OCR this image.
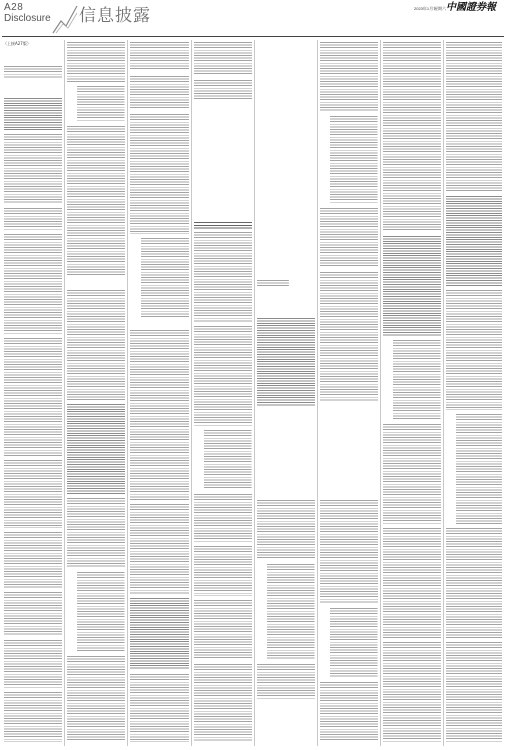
A28
Disclosure 信息披露	2023年1月7
星期六 中國證券報
（上接A27版）
